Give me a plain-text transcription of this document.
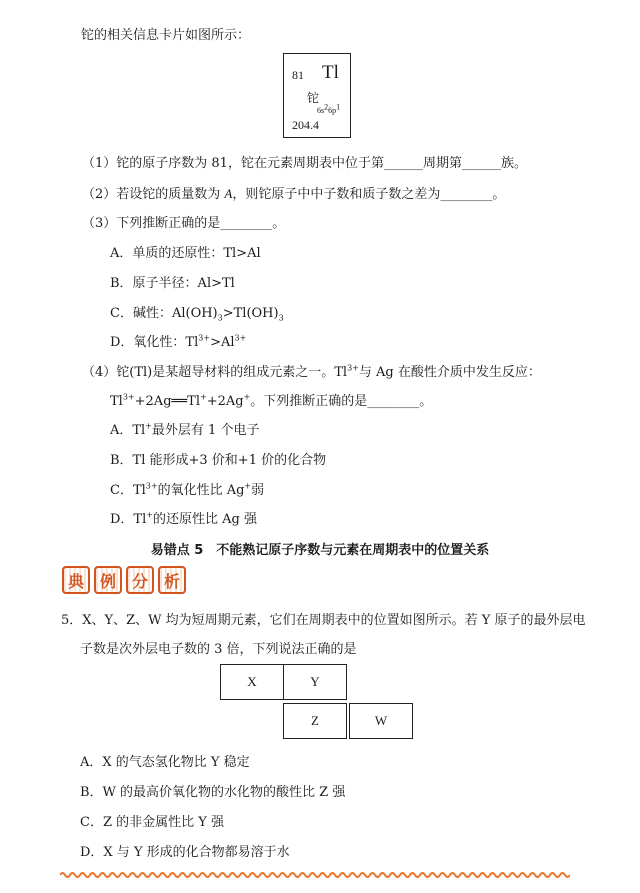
铊的相关信息卡片如图所示：
81 Tl
铊
$6s^26p^1$
204.4
（1）铊的原子序数为 81，铊在元素周期表中位于第______周期第______族。
（2）若设铊的质量数为 A，则铊原子中中子数和质子数之差为________。
（3）下列推断正确的是________。
A．单质的还原性：Tl>Al
B．原子半径：Al>Tl
C．碱性：$Al(OH)_3>Tl(OH)_3$
D．氧化性：$Tl^{3+}>Al^{3+}$
（4）铊(Tl)是某超导材料的组成元素之一。$Tl^{3+}$与 Ag 在酸性介质中发生反应：
$Tl^{3+}+2Ag══Tl^++2Ag^+$。下列推断正确的是________。
A．Tl+最外层有 1 个电子
B．Tl 能形成+3 价和+1 价的化合物
C．$Tl^{3+}$的氧化性比 Ag+弱
D．Tl+的还原性比 Ag 强
易错点 5　不能熟记原子序数与元素在周期表中的位置关系
典 例 分 析
5．X、Y、Z、W 均为短周期元素，它们在周期表中的位置如图所示。若 Y 原子的最外层电
子数是次外层电子数的 3 倍，下列说法正确的是
X	Y
Z	W
A．X 的气态氢化物比 Y 稳定
B．W 的最高价氧化物的水化物的酸性比 Z 强
C．Z 的非金属性比 Y 强
D．X 与 Y 形成的化合物都易溶于水
